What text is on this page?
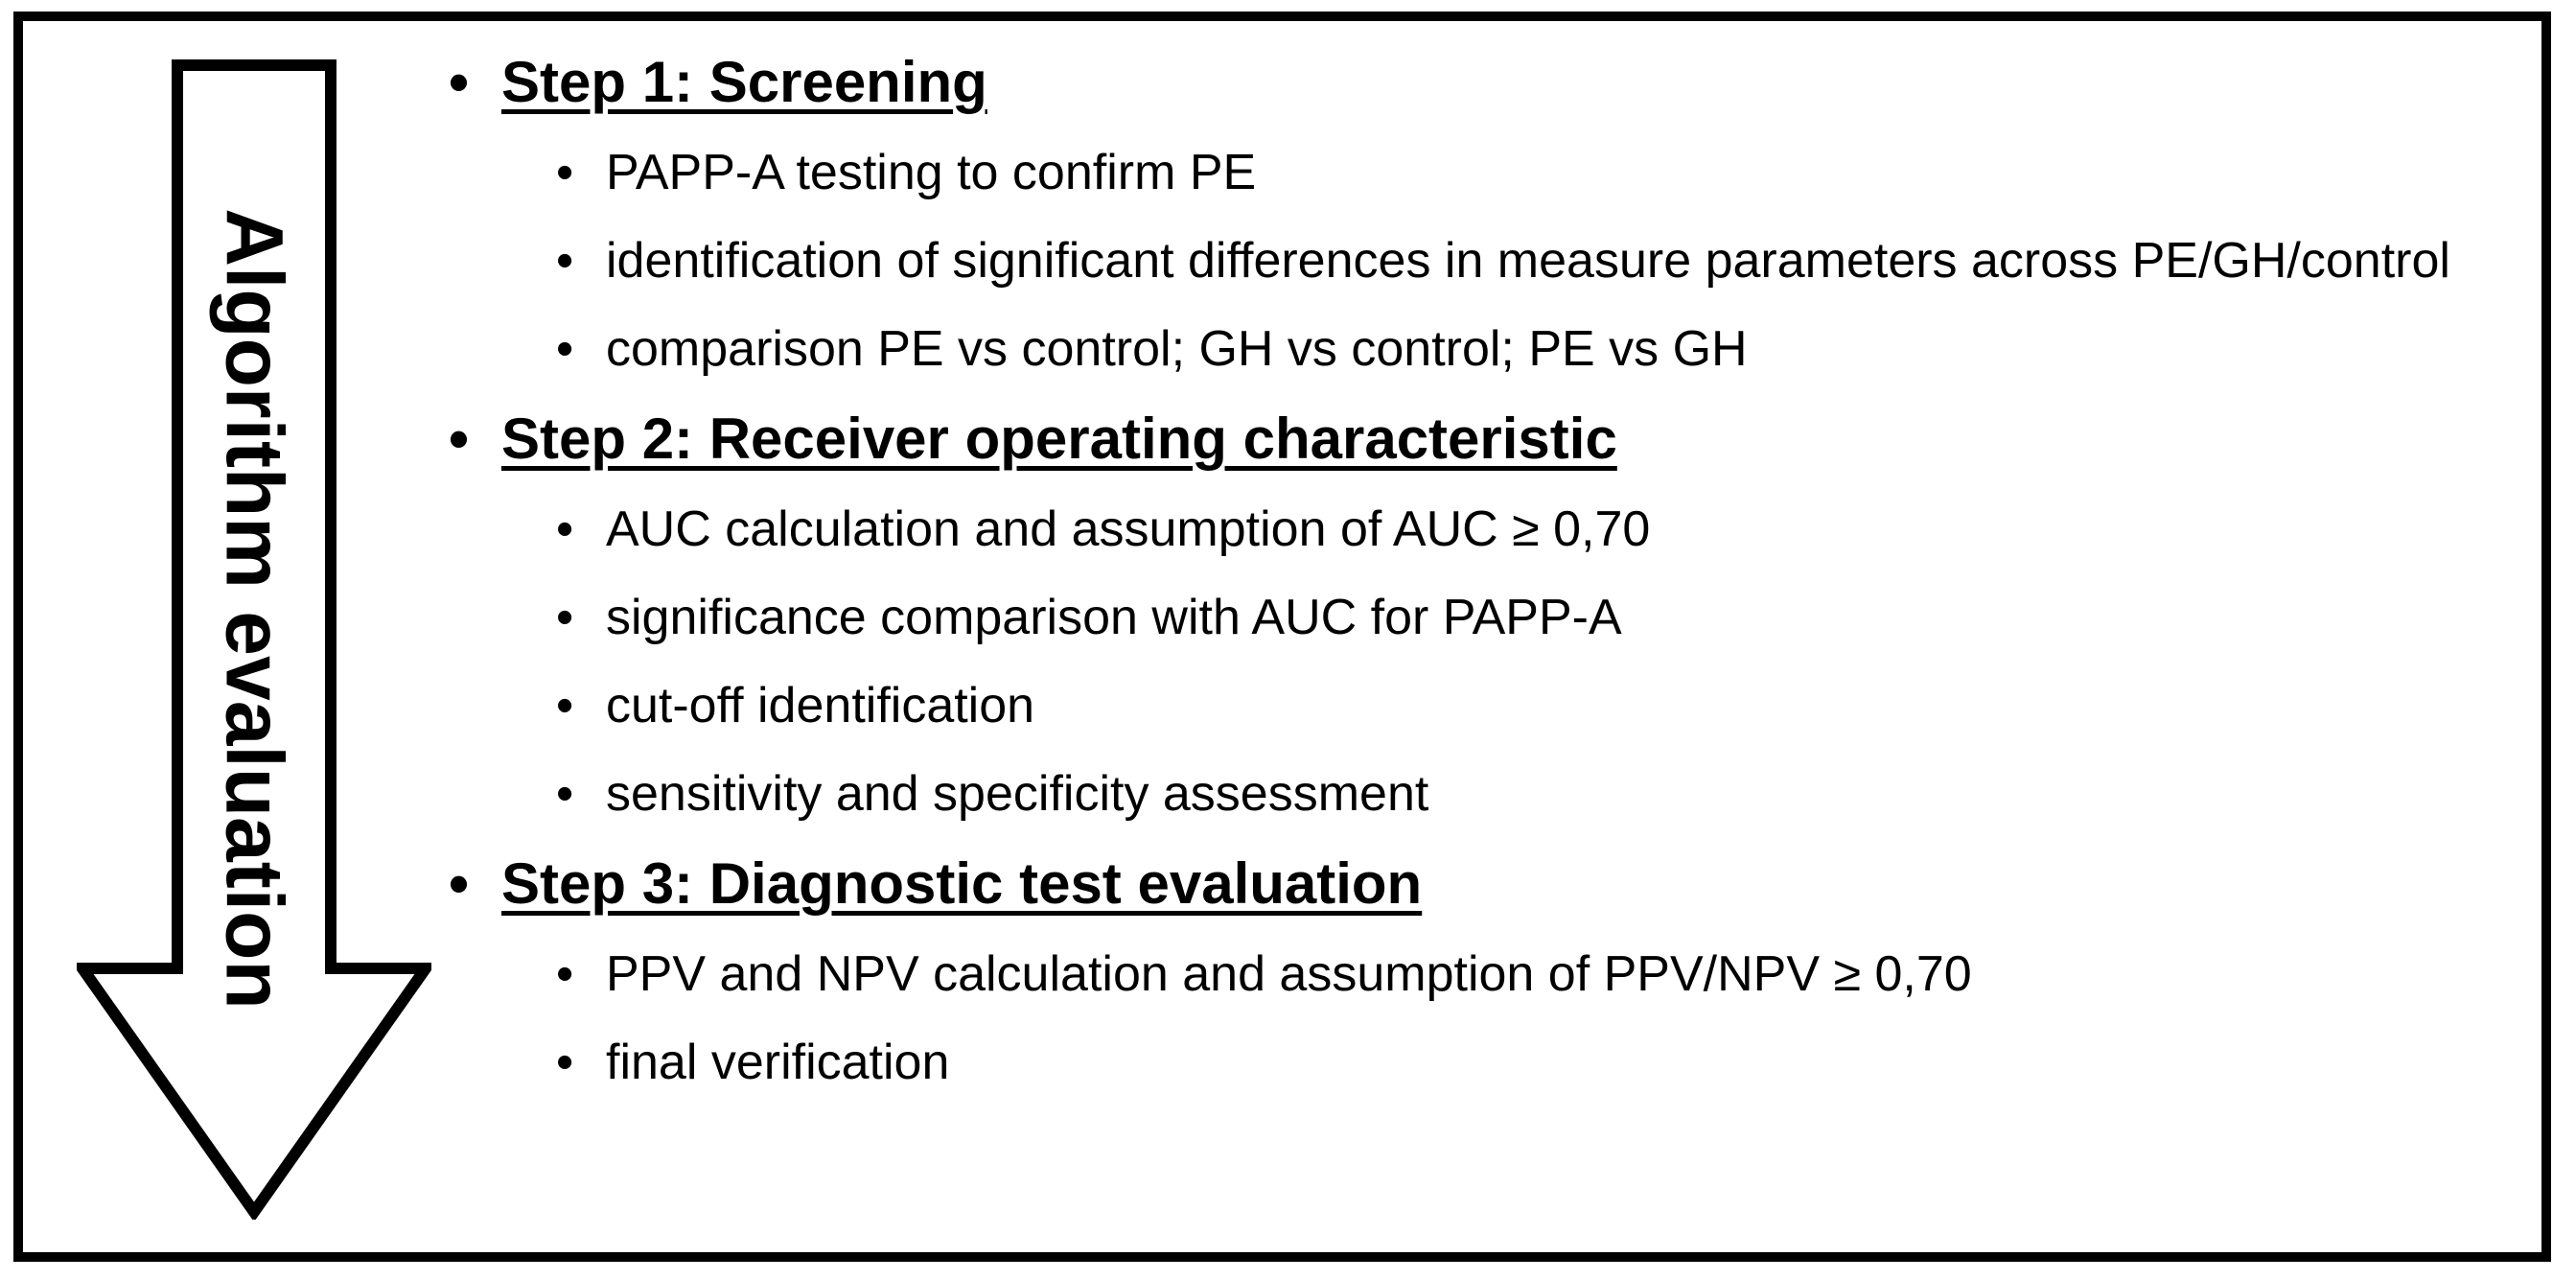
Algorithm evaluation
• Step 1: Screening
• PAPP-A testing to confirm PE
• identification of significant differences in measure parameters across PE/GH/control
• comparison PE vs control; GH vs control; PE vs GH
• Step 2: Receiver operating characteristic
• AUC calculation and assumption of AUC ≥ 0,70
• significance comparison with AUC for PAPP-A
• cut-off identification
• sensitivity and specificity assessment
• Step 3: Diagnostic test evaluation
• PPV and NPV calculation and assumption of PPV/NPV ≥ 0,70
• final verification
